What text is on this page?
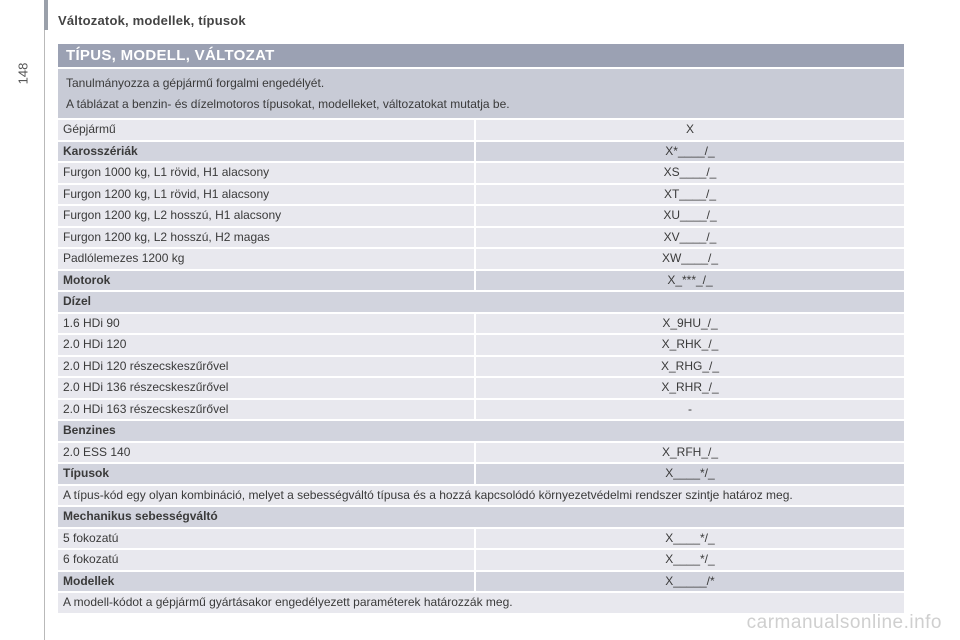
Változatok, modellek, típusok
148
TÍPUS, MODELL, VÁLTOZAT
Tanulmányozza a gépjármű forgalmi engedélyét.
A táblázat a benzin- és dízelmotoros típusokat, modelleket, változatokat mutatja be.
Gépjármű	X
Karosszériák	X*____/_
Furgon 1000 kg, L1 rövid, H1 alacsony	XS____/_
Furgon 1200 kg, L1 rövid, H1 alacsony	XT____/_
Furgon 1200 kg, L2 hosszú, H1 alacsony	XU____/_
Furgon 1200 kg, L2 hosszú, H2 magas	XV____/_
Padlólemezes 1200 kg	XW____/_
Motorok	X_***_/_
Dízel
1.6 HDi 90	X_9HU_/_
2.0 HDi 120	X_RHK_/_
2.0 HDi 120 részecskeszűrővel	X_RHG_/_
2.0 HDi 136 részecskeszűrővel	X_RHR_/_
2.0 HDi 163 részecskeszűrővel	-
Benzines
2.0 ESS 140	X_RFH_/_
Típusok	X____*/_
A típus-kód egy olyan kombináció, melyet a sebességváltó típusa és a hozzá kapcsolódó környezetvédelmi rendszer szintje határoz meg.
Mechanikus sebességváltó
5 fokozatú	X____*/_
6 fokozatú	X____*/_
Modellek	X_____/*
A modell-kódot a gépjármű gyártásakor engedélyezett paraméterek határozzák meg.
carmanualsonline.info
